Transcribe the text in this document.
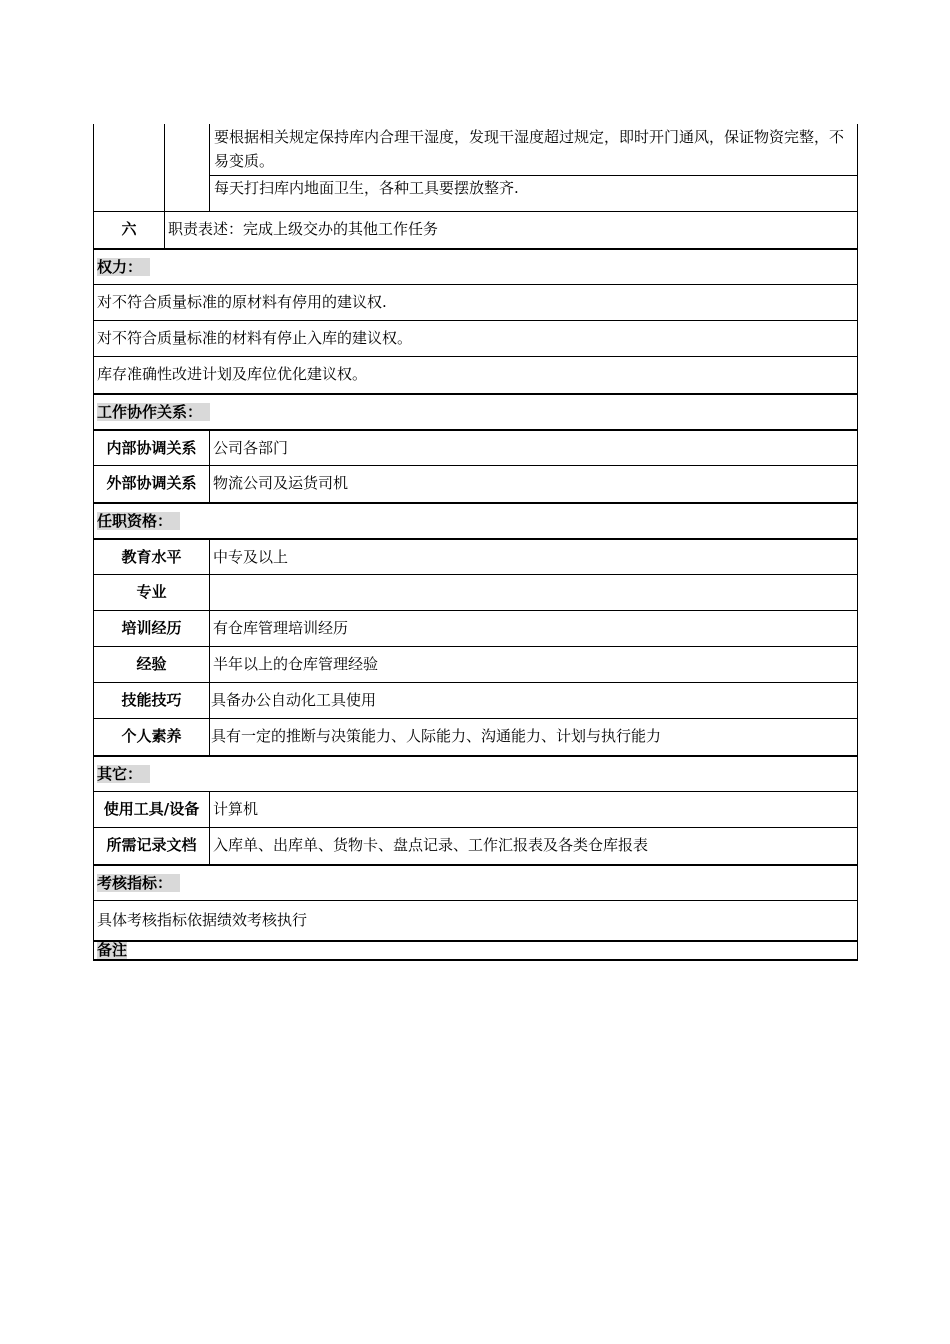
要根据相关规定保持库内合理干湿度，发现干湿度超过规定，即时开门通风，保证物资完整，不易变质。
每天打扫库内地面卫生，各种工具要摆放整齐.
六	职责表述：完成上级交办的其他工作任务
权力：
对不符合质量标准的原材料有停用的建议权.
对不符合质量标准的材料有停止入库的建议权。
库存准确性改进计划及库位优化建议权。
工作协作关系：
内部协调关系	公司各部门
外部协调关系	物流公司及运货司机
任职资格：
教育水平	中专及以上
专业
培训经历	有仓库管理培训经历
经验	半年以上的仓库管理经验
技能技巧	具备办公自动化工具使用
个人素养	具有一定的推断与决策能力、人际能力、沟通能力、计划与执行能力
其它：
使用工具/设备 计算机
所需记录文档	入库单、出库单、货物卡、盘点记录、工作汇报表及各类仓库报表
考核指标：
具体考核指标依据绩效考核执行
备注
